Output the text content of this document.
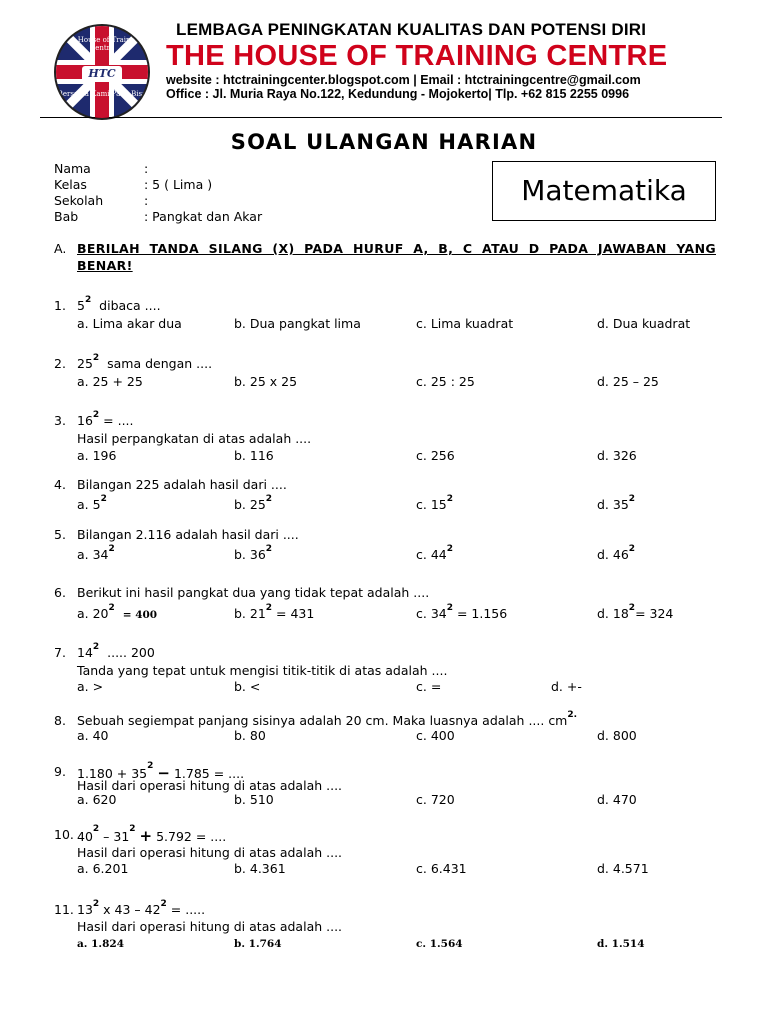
The House of Training Centre
HTC
Bersama Kami Pasti Bisa
LEMBAGA PENINGKATAN KUALITAS DAN POTENSI DIRI
THE HOUSE OF TRAINING CENTRE
website : htctrainingcenter.blogspot.com | Email : htctrainingcentre@gmail.com
Office : Jl. Muria Raya No.122, Kedundung - Mojokerto| Tlp. +62 815 2255 0996
SOAL ULANGAN HARIAN
Nama	:
Kelas	: 5 ( Lima )
Sekolah	:
Bab	: Pangkat dan Akar
Matematika
A. BERILAH TANDA SILANG (X) PADA HURUF A, B, C ATAU D PADA JAWABAN YANG
BENAR!
1. $5^2$ dibaca ....
a. Lima akar dua	b. Dua pangkat lima	c. Lima kuadrat	d. Dua kuadrat
2. $25^2$ sama dengan ....
a. 25 + 25	b. 25 x 25	c. 25 : 25	d. 25 – 25
3. $16^2$ = ....
Hasil perpangkatan di atas adalah ....
a. 196	b. 116	c. 256	d. 326
4. Bilangan 225 adalah hasil dari ....
a. $5^2$	b. $25^2$	c. $15^2$	d. $35^2$
5. Bilangan 2.116 adalah hasil dari ....
a. $34^2$	b. $36^2$	c. $44^2$	d. $46^2$
6. Berikut ini hasil pangkat dua yang tidak tepat adalah ....
a. $20^2 = 400$	b. $21^2 = 431$	c. $34^2 = 1.156$	d. $18^2= 324$
7. $14^2$  ..... 200
Tanda yang tepat untuk mengisi titik-titik di atas adalah ....
a. >	b. <	c. =	d. +-
8. Sebuah segiempat panjang sisinya adalah 20 cm. Maka luasnya adalah .... $cm^{2.}$
a. 40	b. 80	c. 400	d. 800
9. $1.180 + 35^2 - 1.785$ = ....
Hasil dari operasi hitung di atas adalah ....
a. 620	b. 510	c. 720	d. 470
10. $40^2 - 31^2 + 5.792$ = ....
Hasil dari operasi hitung di atas adalah ....
a. 6.201	b. 4.361	c. 6.431	d. 4.571
11. $13^2$ x $43 - 42^2$ = .....
Hasil dari operasi hitung di atas adalah ....
a. 1.824	b. 1.764	c. 1.564	d. 1.514
